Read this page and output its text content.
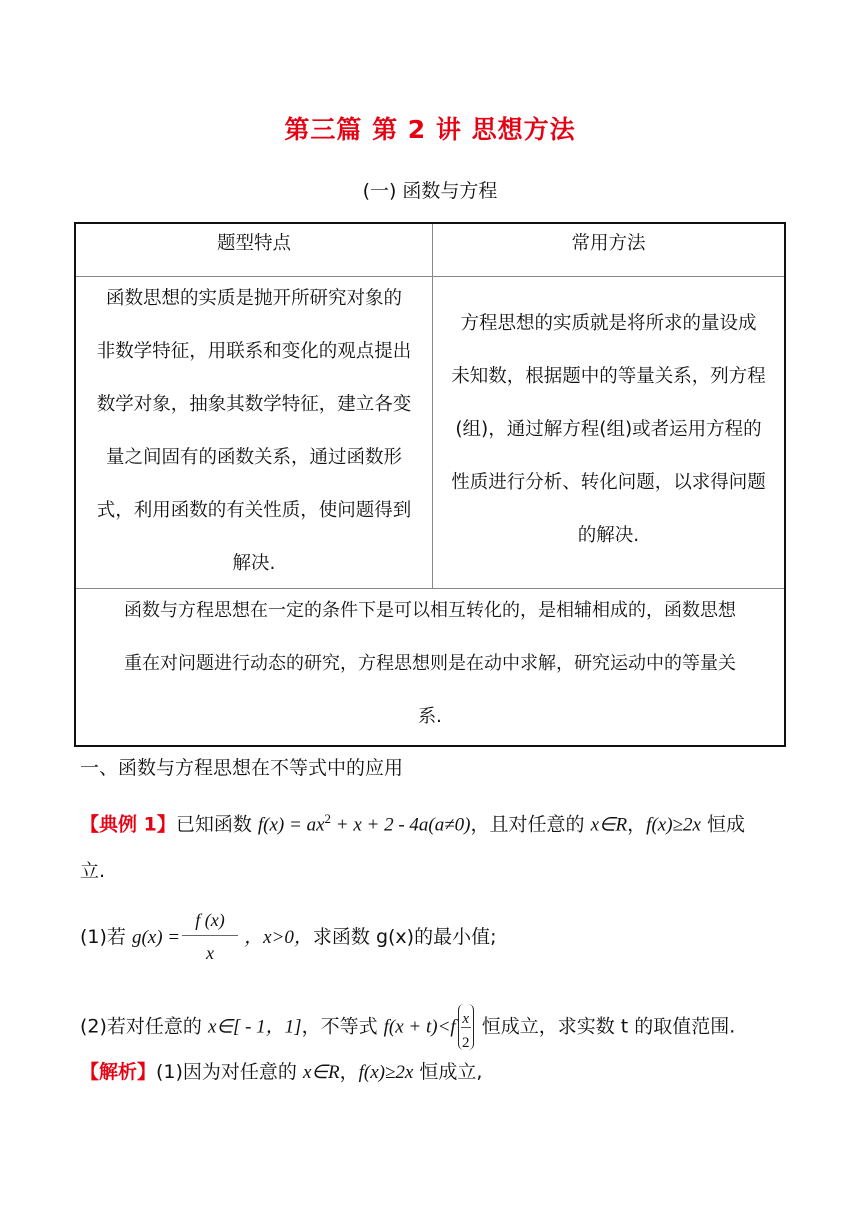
第三篇 第 2 讲 思想方法
(一) 函数与方程
题型特点	常用方法
函数思想的实质是抛开所研究对象的
非数学特征，用联系和变化的观点提出
数学对象，抽象其数学特征，建立各变
量之间固有的函数关系，通过函数形
式，利用函数的有关性质，使问题得到
解决.
方程思想的实质就是将所求的量设成
未知数，根据题中的等量关系，列方程
(组)，通过解方程(组)或者运用方程的
性质进行分析、转化问题，以求得问题
的解决.
函数与方程思想在一定的条件下是可以相互转化的，是相辅相成的，函数思想
重在对问题进行动态的研究，方程思想则是在动中求解，研究运动中的等量关
系.
一、函数与方程思想在不等式中的应用
【典例 1】已知函数 $f(x) = ax^2 + x + 2 - 4a(a\ne 0)$，且对任意的 x∈R，f(x)≥2x 恒成
立.
(1)若 g(x) =	，x>0，求函数 g(x)的最小值;
f (x)
x
(2)若对任意的 x∈[ - 1，1]，不等式 $f(x + t)<f \frac{x}{2}$ 恒成立，求实数 t 的取值范围.
【解析】(1)因为对任意的 x∈R，f(x)≥2x 恒成立,
